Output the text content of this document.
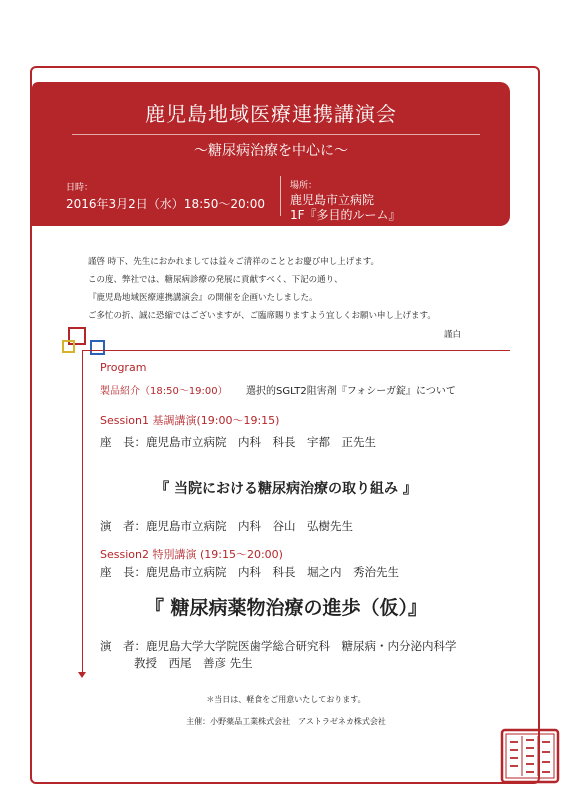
鹿児島地域医療連携講演会
〜糖尿病治療を中心に〜
日時：
2016年3月2日（水）18:50〜20:00
場所：
鹿児島市立病院
1F『多目的ルーム』
謹啓 時下、先生におかれましては益々ご清祥のこととお慶び申し上げます。
この度、弊社では、糖尿病診療の発展に貢献すべく、下記の通り、
『鹿児島地域医療連携講演会』の開催を企画いたしました。
ご多忙の折、誠に恐縮ではございますが、ご臨席賜りますよう宜しくお願い申し上げます。
謹白
Program
製品紹介（18:50〜19:00） 選択的SGLT2阻害剤『フォシーガ錠』について
Session1 基調講演(19:00〜19:15)
座　長：鹿児島市立病院　内科　科長　宇都　正先生
『 当院における糖尿病治療の取り組み 』
演　者：鹿児島市立病院　内科　谷山　弘樹先生
Session2 特別講演 (19:15〜20:00)
座　長：鹿児島市立病院　内科　科長　堀之内　秀治先生
『 糖尿病薬物治療の進歩（仮）』
演　者：鹿児島大学大学院医歯学総合研究科　糖尿病・内分泌内科学
教授　西尾　善彦 先生
＊当日は、軽食をご用意いたしております。
主催：小野薬品工業株式会社　アストラゼネカ株式会社
